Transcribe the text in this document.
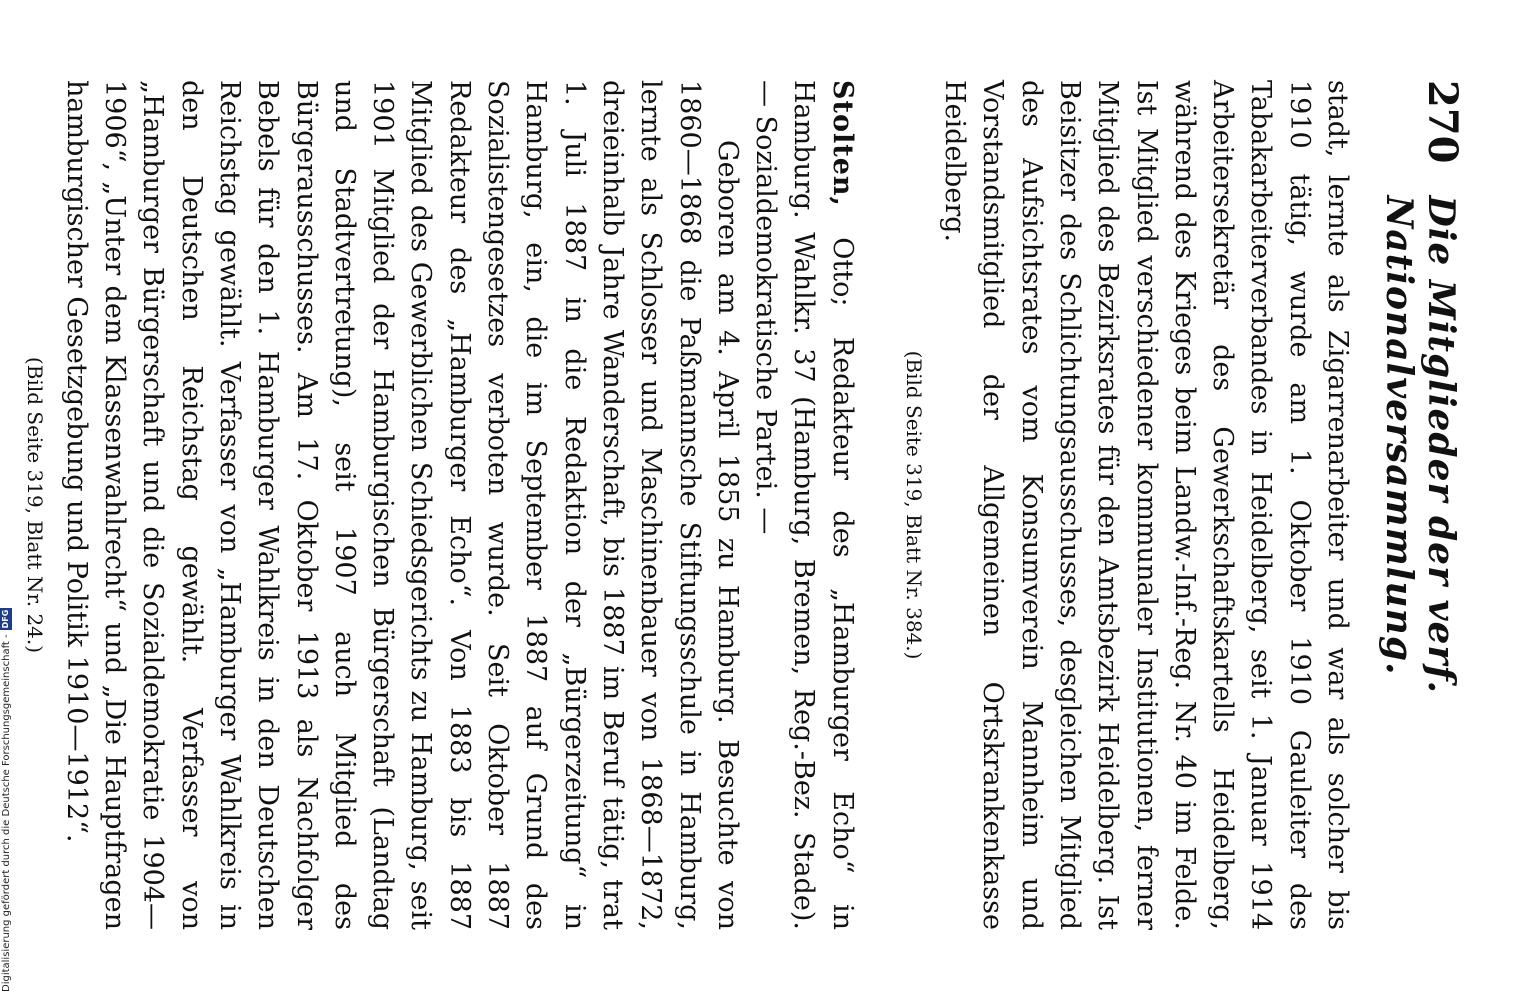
270
Die Mitglieder der verf. Nationalversammlung.

stadt, lernte als Zigarrenarbeiter und war als solcher bis 1910 tätig, wurde am 1. Oktober 1910 Gauleiter des Tabakarbeiterverbandes in Heidelberg, seit 1. Januar 1914 Arbeitersekretär des Gewerkschaftskartells Heidelberg, während des Krieges beim Landw.-Inf.-Reg. Nr. 40 im Felde. Ist Mitglied verschiedener kommunaler Institutionen, ferner Mitglied des Bezirksrates für den Amtsbezirk Heidelberg. Ist Beisitzer des Schlichtungsausschusses, desgleichen Mitglied des Aufsichtsrates vom Konsumverein Mannheim und Vorstandsmitglied der Allgemeinen Ortskrankenkasse Heidelberg.

(Bild Seite 319, Blatt Nr. 384.)

Stolten, Otto; Redakteur des „Hamburger Echo“ in Hamburg. Wahlkr. 37 (Hamburg, Bremen, Reg.-Bez. Stade). — Sozialdemokratische Partei. —

Geboren am 4. April 1855 zu Hamburg. Besuchte von 1860—1868 die Paßmannsche Stiftungsschule in Hamburg, lernte als Schlosser und Maschinenbauer von 1868—1872, dreieinhalb Jahre Wanderschaft, bis 1887 im Beruf tätig, trat 1. Juli 1887 in die Redaktion der „Bürgerzeitung“ in Hamburg, ein, die im September 1887 auf Grund des Sozialistengesetzes verboten wurde. Seit Oktober 1887 Redakteur des „Hamburger Echo“. Von 1883 bis 1887 Mitglied des Gewerblichen Schiedsgerichts zu Hamburg, seit 1901 Mitglied der Hamburgischen Bürgerschaft (Landtag und Stadtvertretung), seit 1907 auch Mitglied des Bürgerausschusses. Am 17. Oktober 1913 als Nachfolger Bebels für den 1. Hamburger Wahlkreis in den Deutschen Reichstag gewählt. Verfasser von „Hamburger Wahlkreis in den Deutschen Reichstag gewählt. Verfasser von „Hamburger Bürgerschaft und die Sozialdemokratie 1904—1906“, „Unter dem Klassenwahlrecht“ und „Die Hauptfragen hamburgischer Gesetzgebung und Politik 1910—1912“.

(Bild Seite 319, Blatt Nr. 24.)

Digitalisierung gefördert durch die Deutsche Forschungsgemeinschaft -
DFG
